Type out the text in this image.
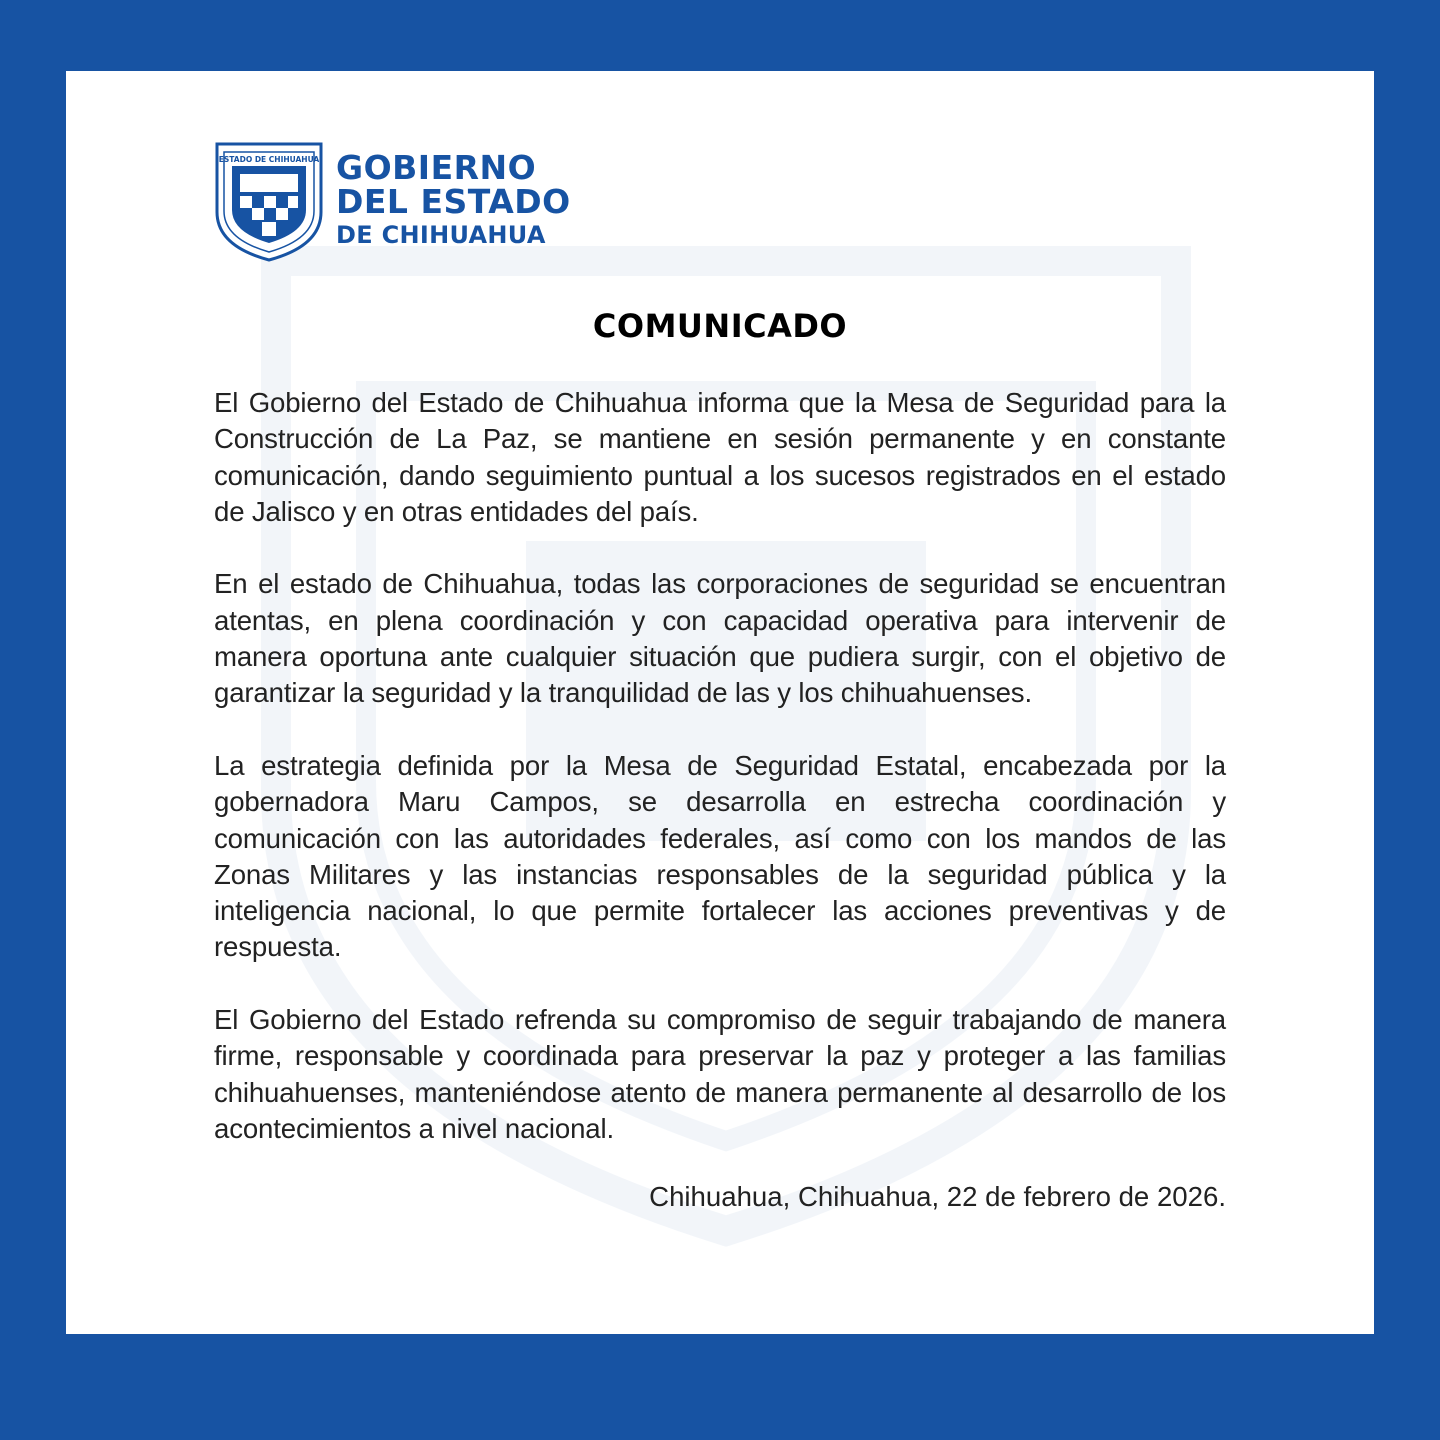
ESTADO DE CHIHUAHUA GOBIERNO
DEL ESTADO
DE CHIHUAHUA
COMUNICADO

El Gobierno del Estado de Chihuahua informa que la Mesa de Seguridad para la Construcción de La Paz, se mantiene en sesión permanente y en constante comunicación, dando seguimiento puntual a los sucesos registrados en el estado de Jalisco y en otras entidades del país.

En el estado de Chihuahua, todas las corporaciones de seguridad se encuentran atentas, en plena coordinación y con capacidad operativa para intervenir de manera oportuna ante cualquier situación que pudiera surgir, con el objetivo de garantizar la seguridad y la tranquilidad de las y los chihuahuenses.

La estrategia definida por la Mesa de Seguridad Estatal, encabezada por la gobernadora Maru Campos, se desarrolla en estrecha coordinación y comunicación con las autoridades federales, así como con los mandos de las Zonas Militares y las instancias responsables de la seguridad pública y la inteligencia nacional, lo que permite fortalecer las acciones preventivas y de respuesta.

El Gobierno del Estado refrenda su compromiso de seguir trabajando de manera firme, responsable y coordinada para preservar la paz y proteger a las familias chihuahuenses, manteniéndose atento de manera permanente al desarrollo de los acontecimientos a nivel nacional.

Chihuahua, Chihuahua, 22 de febrero de 2026.
